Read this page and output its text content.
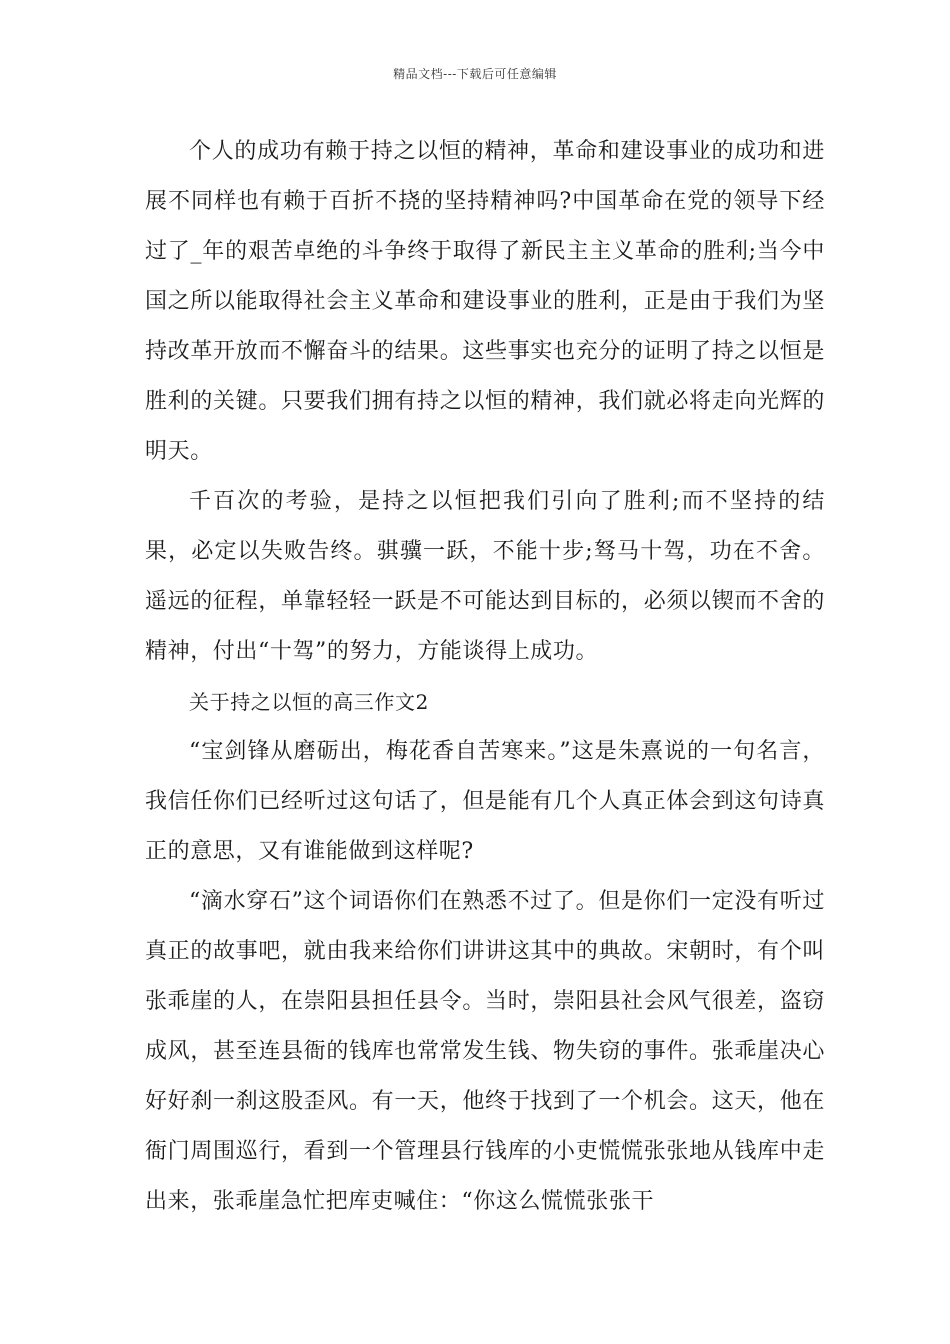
精品文档---下载后可任意编辑

个人的成功有赖于持之以恒的精神，革命和建设事业的成功和进展不同样也有赖于百折不挠的坚持精神吗?中国革命在党的领导下经过了_年的艰苦卓绝的斗争终于取得了新民主主义革命的胜利;当今中国之所以能取得社会主义革命和建设事业的胜利，正是由于我们为坚持改革开放而不懈奋斗的结果。这些事实也充分的证明了持之以恒是胜利的关键。只要我们拥有持之以恒的精神，我们就必将走向光辉的明天。

千百次的考验，是持之以恒把我们引向了胜利;而不坚持的结果，必定以失败告终。骐骥一跃，不能十步;驽马十驾，功在不舍。遥远的征程，单靠轻轻一跃是不可能达到目标的，必须以锲而不舍的精神，付出“十驾”的努力，方能谈得上成功。

关于持之以恒的高三作文2

“宝剑锋从磨砺出，梅花香自苦寒来。”这是朱熹说的一句名言，我信任你们已经听过这句话了，但是能有几个人真正体会到这句诗真正的意思，又有谁能做到这样呢?

“滴水穿石”这个词语你们在熟悉不过了。但是你们一定没有听过真正的故事吧，就由我来给你们讲讲这其中的典故。宋朝时，有个叫张乖崖的人，在崇阳县担任县令。当时，崇阳县社会风气很差，盗窃成风，甚至连县衙的钱库也常常发生钱、物失窃的事件。张乖崖决心好好刹一刹这股歪风。有一天，他终于找到了一个机会。这天，他在衙门周围巡行，看到一个管理县行钱库的小吏慌慌张张地从钱库中走出来，张乖崖急忙把库吏喊住：“你这么慌慌张张干
